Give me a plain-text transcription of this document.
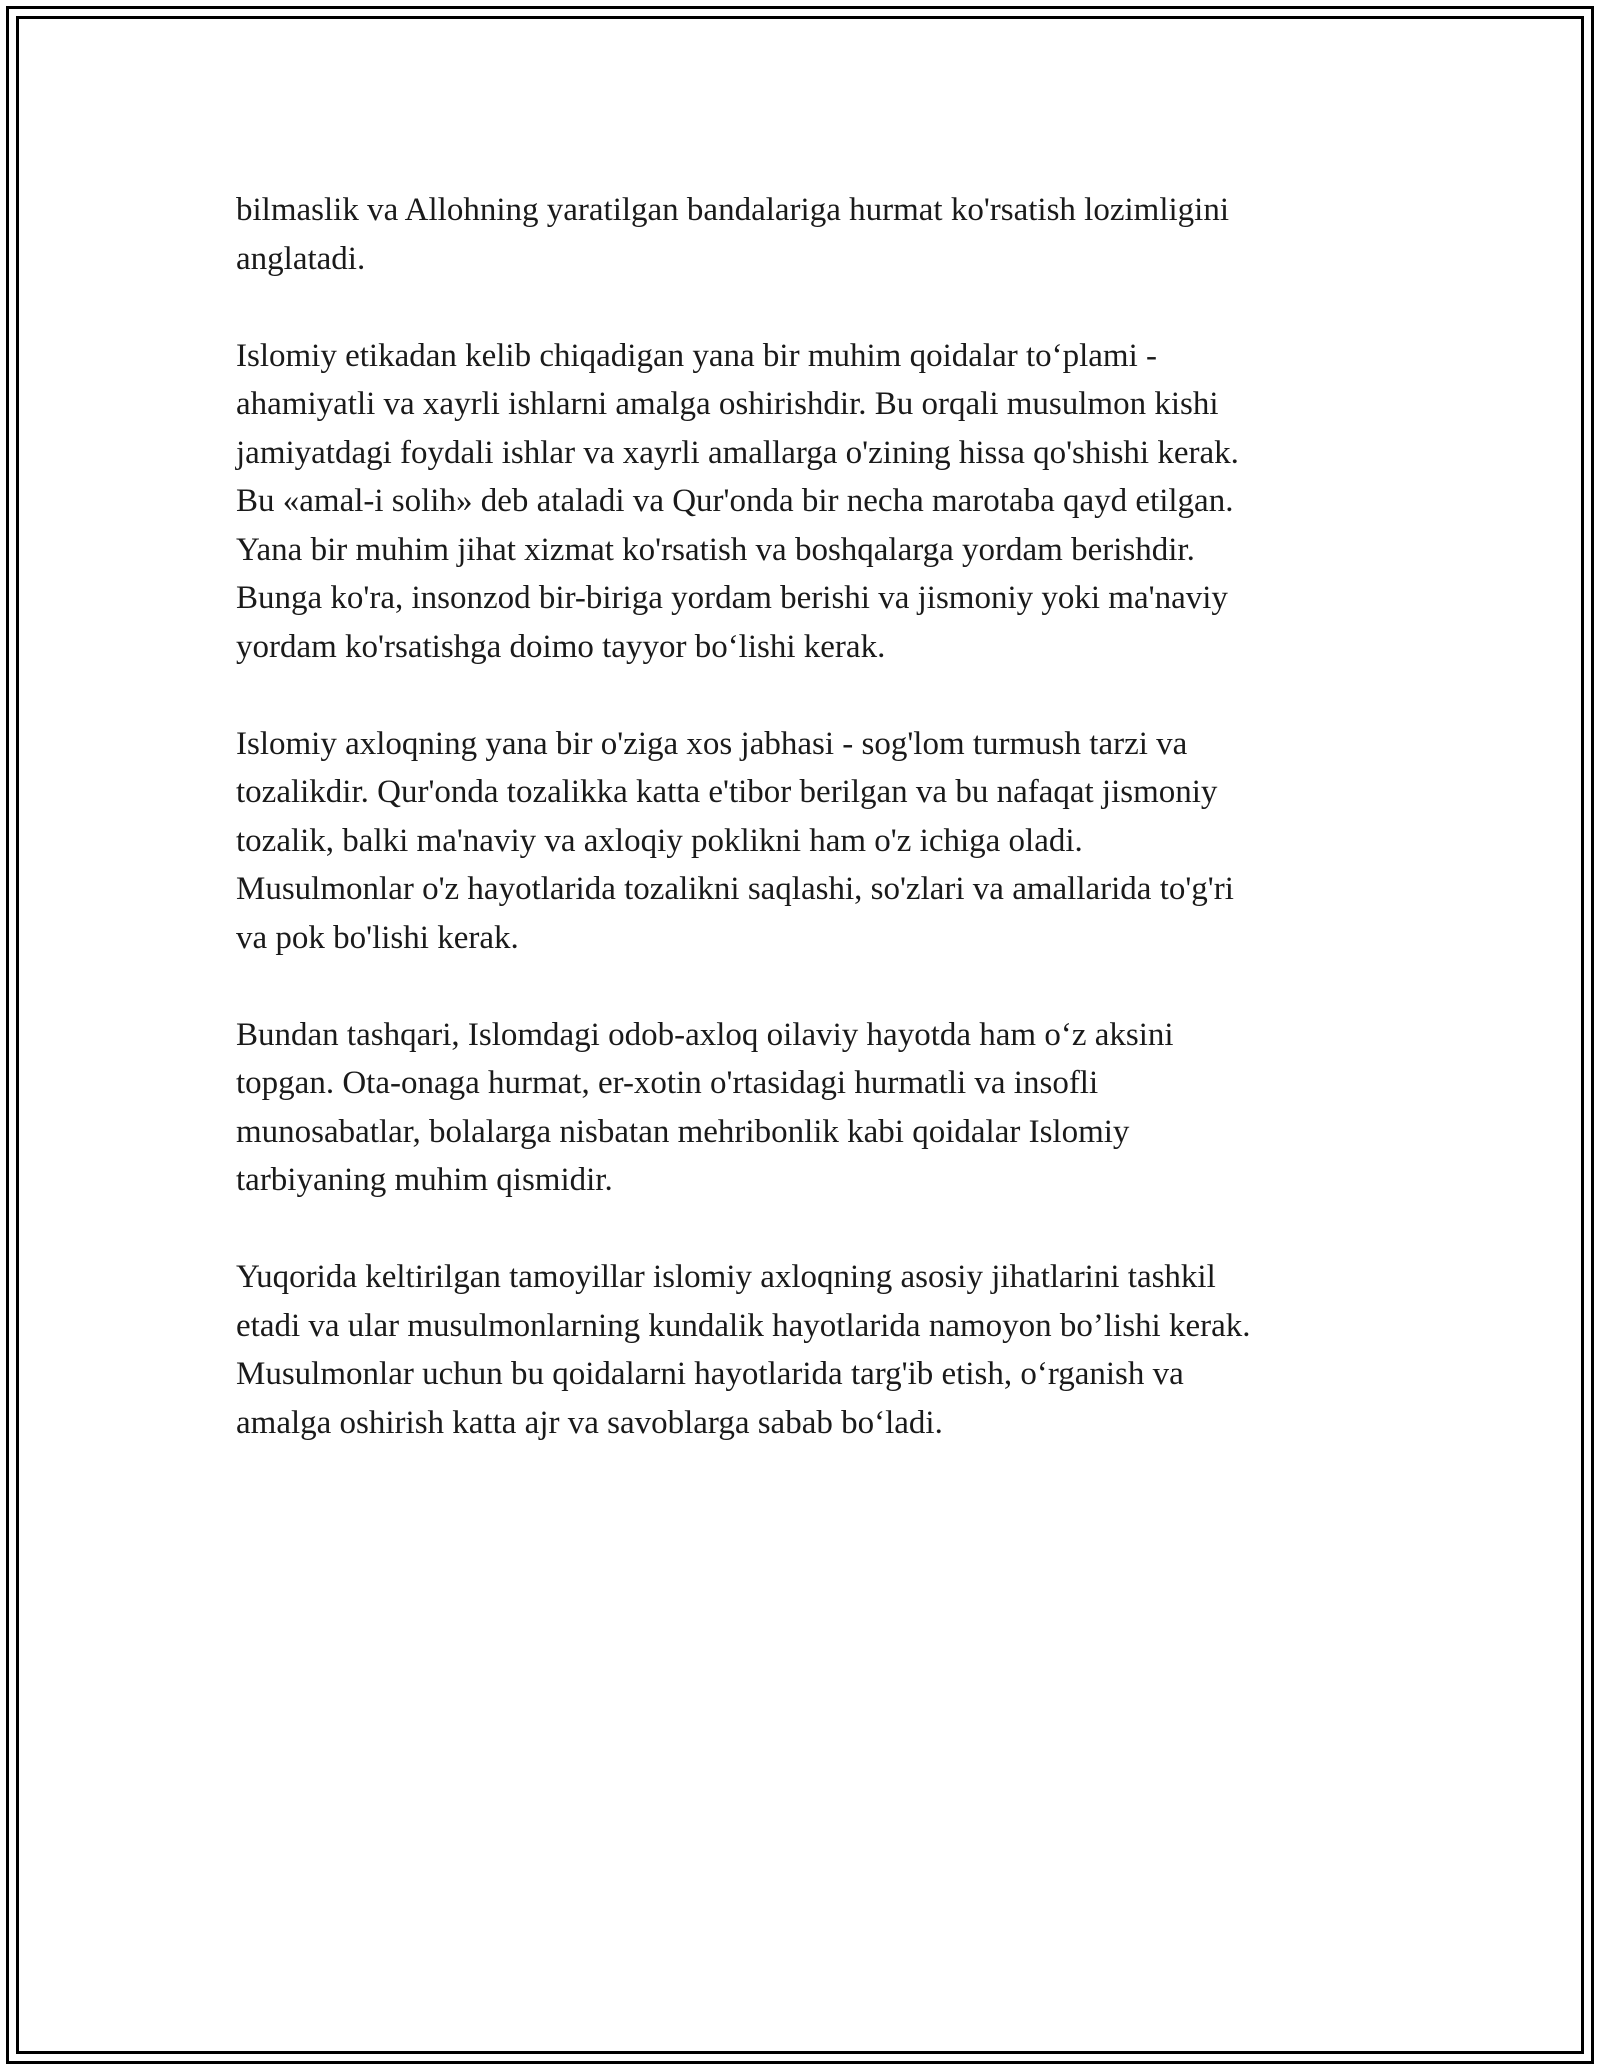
bilmaslik va Allohning yaratilgan bandalariga hurmat ko'rsatish lozimligini
anglatadi.
Islomiy etikadan kelib chiqadigan yana bir muhim qoidalar to‘plami -
ahamiyatli va xayrli ishlarni amalga oshirishdir. Bu orqali musulmon kishi
jamiyatdagi foydali ishlar va xayrli amallarga o'zining hissa qo'shishi kerak.
Bu «amal-i solih» deb ataladi va Qur'onda bir necha marotaba qayd etilgan.
Yana bir muhim jihat xizmat ko'rsatish va boshqalarga yordam berishdir.
Bunga ko'ra, insonzod bir-biriga yordam berishi va jismoniy yoki ma'naviy
yordam ko'rsatishga doimo tayyor bo‘lishi kerak.
Islomiy axloqning yana bir o'ziga xos jabhasi - sog'lom turmush tarzi va
tozalikdir. Qur'onda tozalikka katta e'tibor berilgan va bu nafaqat jismoniy
tozalik, balki ma'naviy va axloqiy poklikni ham o'z ichiga oladi.
Musulmonlar o'z hayotlarida tozalikni saqlashi, so'zlari va amallarida to'g'ri
va pok bo'lishi kerak.
Bundan tashqari, Islomdagi odob-axloq oilaviy hayotda ham o‘z aksini
topgan. Ota-onaga hurmat, er-xotin o'rtasidagi hurmatli va insofli
munosabatlar, bolalarga nisbatan mehribonlik kabi qoidalar Islomiy
tarbiyaning muhim qismidir.
Yuqorida keltirilgan tamoyillar islomiy axloqning asosiy jihatlarini tashkil
etadi va ular musulmonlarning kundalik hayotlarida namoyon bo’lishi kerak.
Musulmonlar uchun bu qoidalarni hayotlarida targ'ib etish, o‘rganish va
amalga oshirish katta ajr va savoblarga sabab bo‘ladi.
